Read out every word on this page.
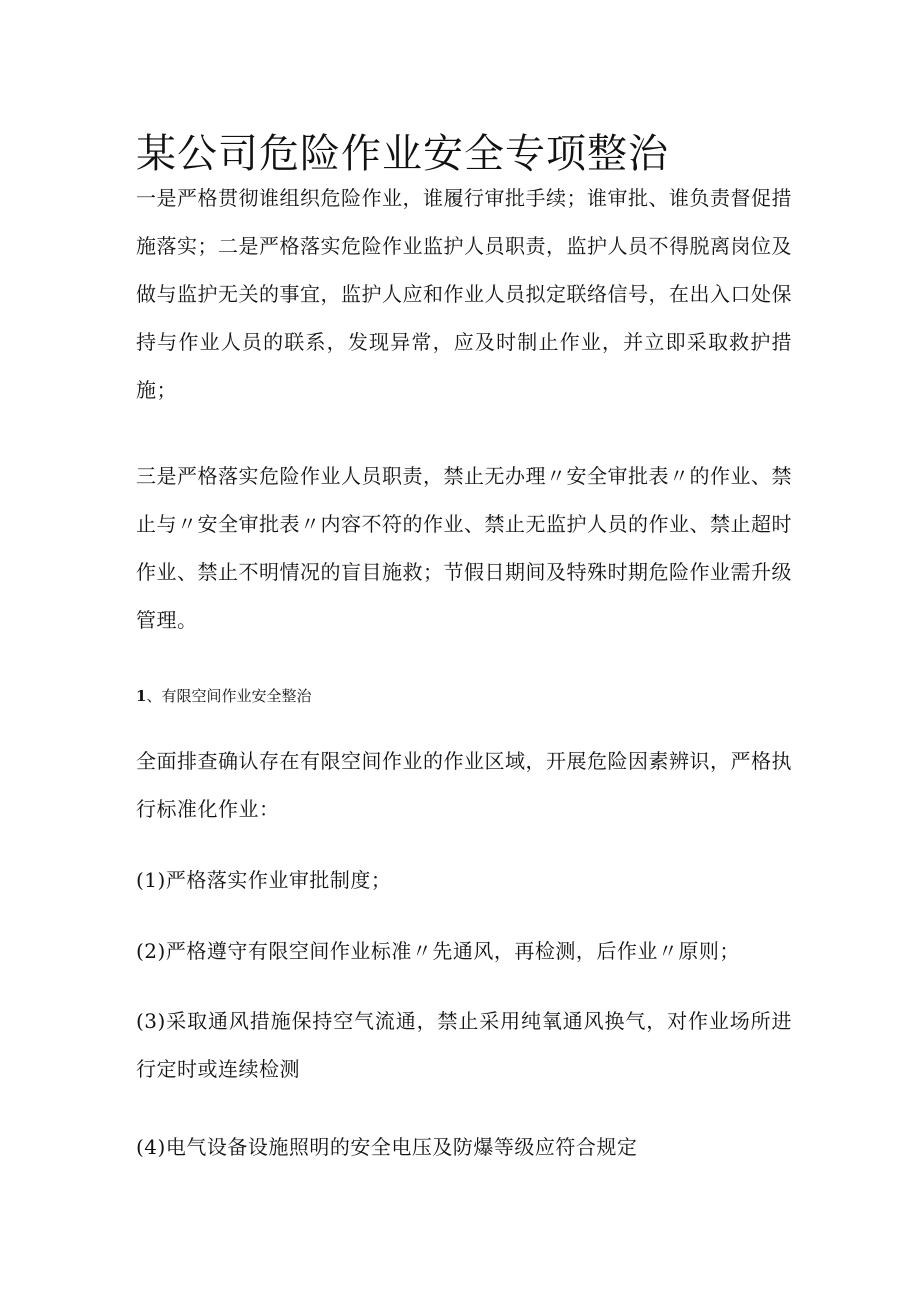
某公司危险作业安全专项整治

一是严格贯彻谁组织危险作业，谁履行审批手续；谁审批、谁负责督促措施落实；二是严格落实危险作业监护人员职责，监护人员不得脱离岗位及做与监护无关的事宜，监护人应和作业人员拟定联络信号，在出入口处保持与作业人员的联系，发现异常，应及时制止作业，并立即采取救护措施；

三是严格落实危险作业人员职责，禁止无办理〃安全审批表〃的作业、禁止与〃安全审批表〃内容不符的作业、禁止无监护人员的作业、禁止超时作业、禁止不明情况的盲目施救；节假日期间及特殊时期危险作业需升级管理。

1、有限空间作业安全整治

全面排查确认存在有限空间作业的作业区域，开展危险因素辨识，严格执行标准化作业：

(1)严格落实作业审批制度；

(2)严格遵守有限空间作业标准〃先通风，再检测，后作业〃原则；

(3)采取通风措施保持空气流通，禁止采用纯氧通风换气，对作业场所进行定时或连续检测

(4)电气设备设施照明的安全电压及防爆等级应符合规定
